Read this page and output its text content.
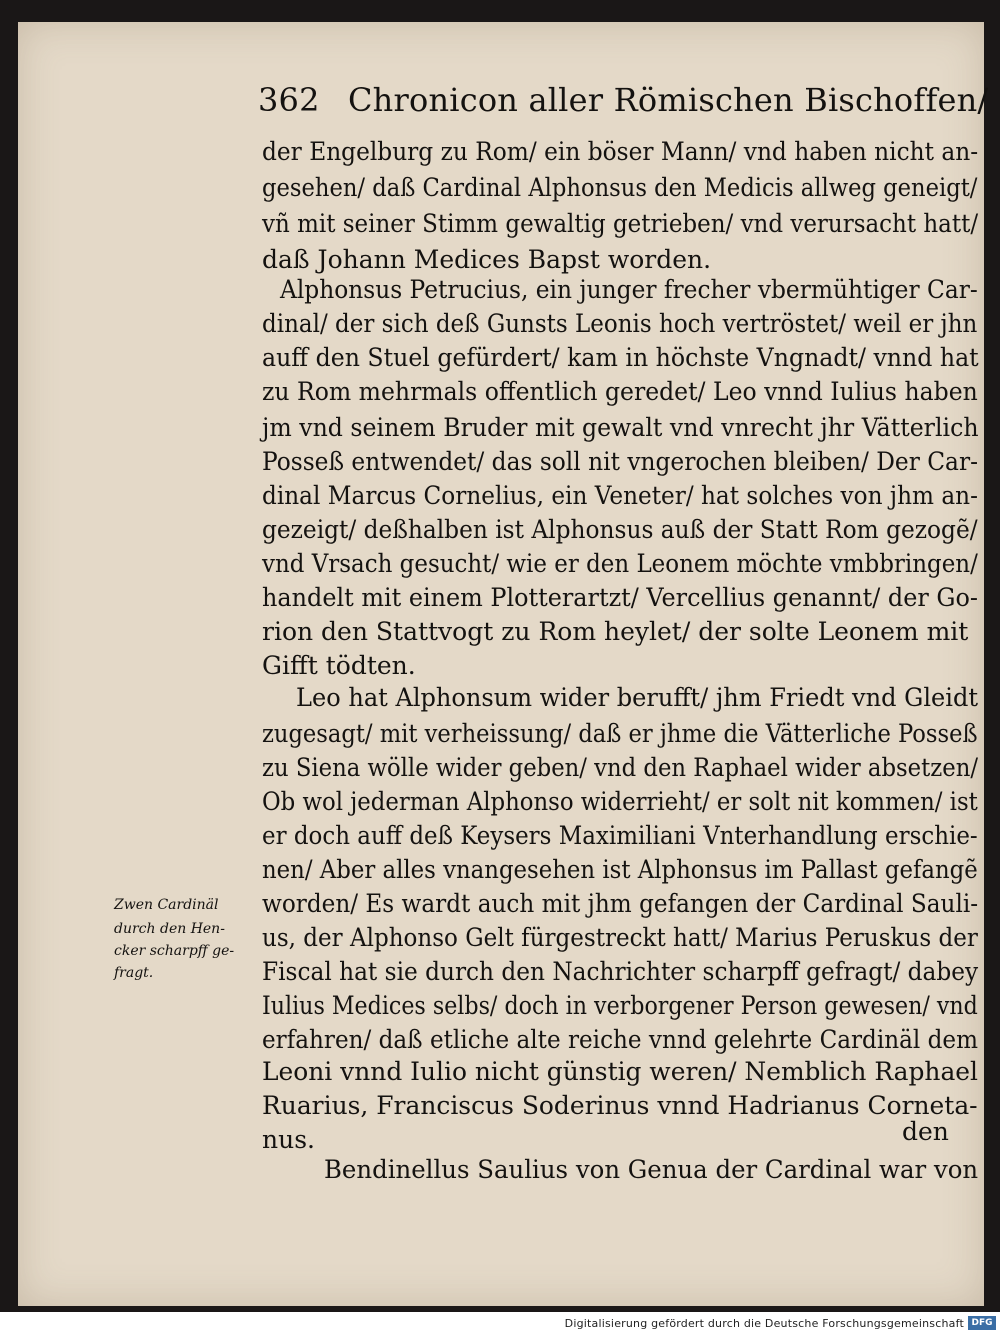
362 Chronicon aller Römischen Bischoffen/
der Engelburg zu Rom/ ein böser Mann/ vnd haben nicht an-
gesehen/ daß Cardinal Alphonsus den Medicis allweg geneigt/
vñ mit seiner Stimm gewaltig getrieben/ vnd verursacht hatt/
daß Johann Medices Bapst worden.
Alphonsus Petrucius, ein junger frecher vbermühtiger Car-
dinal/ der sich deß Gunsts Leonis hoch vertröstet/ weil er jhn
auff den Stuel gefürdert/ kam in höchste Vngnadt/ vnnd hat
zu Rom mehrmals offentlich geredet/ Leo vnnd Iulius haben
jm vnd seinem Bruder mit gewalt vnd vnrecht jhr Vätterlich
Posseß entwendet/ das soll nit vngerochen bleiben/ Der Car-
dinal Marcus Cornelius, ein Veneter/ hat solches von jhm an-
gezeigt/ deßhalben ist Alphonsus auß der Statt Rom gezogẽ/
vnd Vrsach gesucht/ wie er den Leonem möchte vmbbringen/
handelt mit einem Plotterartzt/ Vercellius genannt/ der Go-
rion den Stattvogt zu Rom heylet/ der solte Leonem mit
Gifft tödten.
Leo hat Alphonsum wider berufft/ jhm Friedt vnd Gleidt
zugesagt/ mit verheissung/ daß er jhme die Vätterliche Posseß
zu Siena wölle wider geben/ vnd den Raphael wider absetzen/
Ob wol jederman Alphonso widerrieht/ er solt nit kommen/ ist
er doch auff deß Keysers Maximiliani Vnterhandlung erschie-
nen/ Aber alles vnangesehen ist Alphonsus im Pallast gefangẽ
worden/ Es wardt auch mit jhm gefangen der Cardinal Sauli-
us, der Alphonso Gelt fürgestreckt hatt/ Marius Peruskus der
Fiscal hat sie durch den Nachrichter scharpff gefragt/ dabey
Iulius Medices selbs/ doch in verborgener Person gewesen/ vnd
erfahren/ daß etliche alte reiche vnnd gelehrte Cardinäl dem
Leoni vnnd Iulio nicht günstig weren/ Nemblich Raphael
Ruarius, Franciscus Soderinus vnnd Hadrianus Corneta-
nus.
Bendinellus Saulius von Genua der Cardinal war von
Zwen Cardinäl
durch den Hen-
cker scharpff ge-
fragt.
den
Digitalisierung gefördert durch die Deutsche Forschungsgemeinschaft DFG
